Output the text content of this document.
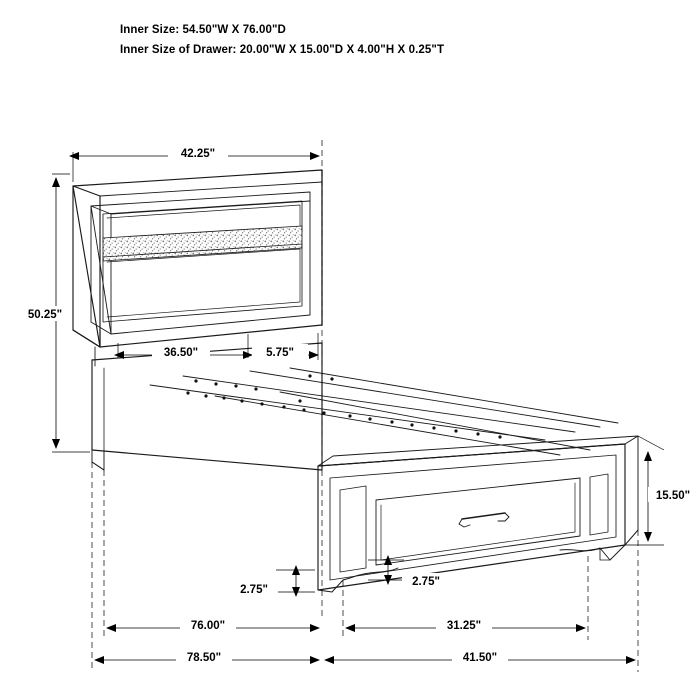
Inner Size: 54.50"W X 76.00"D
Inner Size of Drawer: 20.00"W X 15.00"D X 4.00"H X 0.25"T
42.25"
50.25"
36.50"	5.75"
15.50"
2.75"
2.75"
76.00"	31.25"
78.50"	41.50"
